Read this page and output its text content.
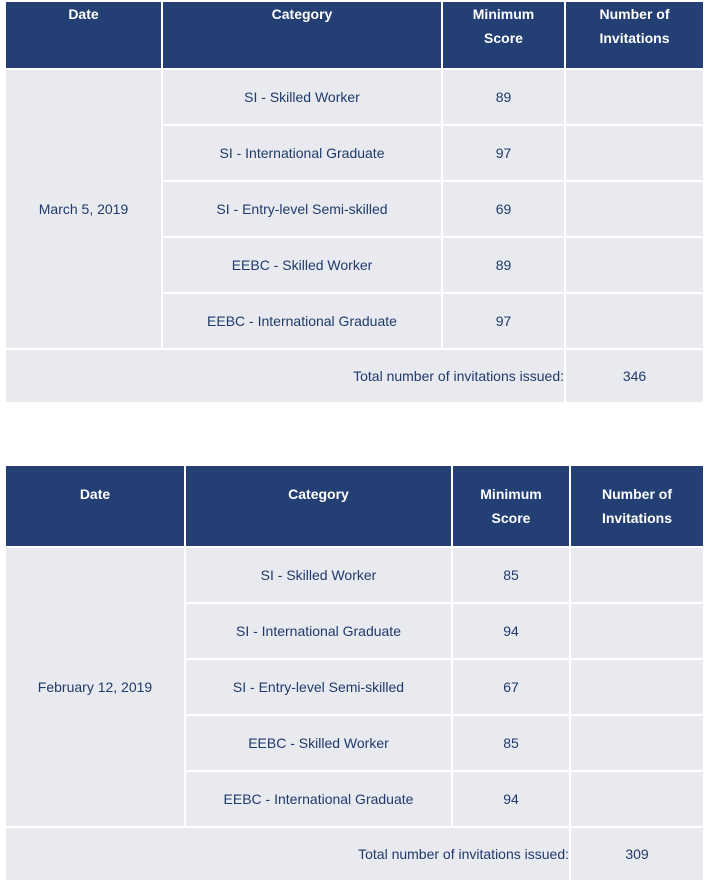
Date	Category	Minimum Score	Number of Invitations
March 5, 2019	SI - Skilled Worker	89	
	SI - International Graduate	97	
	SI - Entry-level Semi-skilled	69	
	EEBC - Skilled Worker	89	
	EEBC - International Graduate	97	
Total number of invitations issued:			346
Date	Category	Minimum Score	Number of Invitations
February 12, 2019	SI - Skilled Worker	85	
	SI - International Graduate	94	
	SI - Entry-level Semi-skilled	67	
	EEBC - Skilled Worker	85	
	EEBC - International Graduate	94	
Total number of invitations issued:			309
